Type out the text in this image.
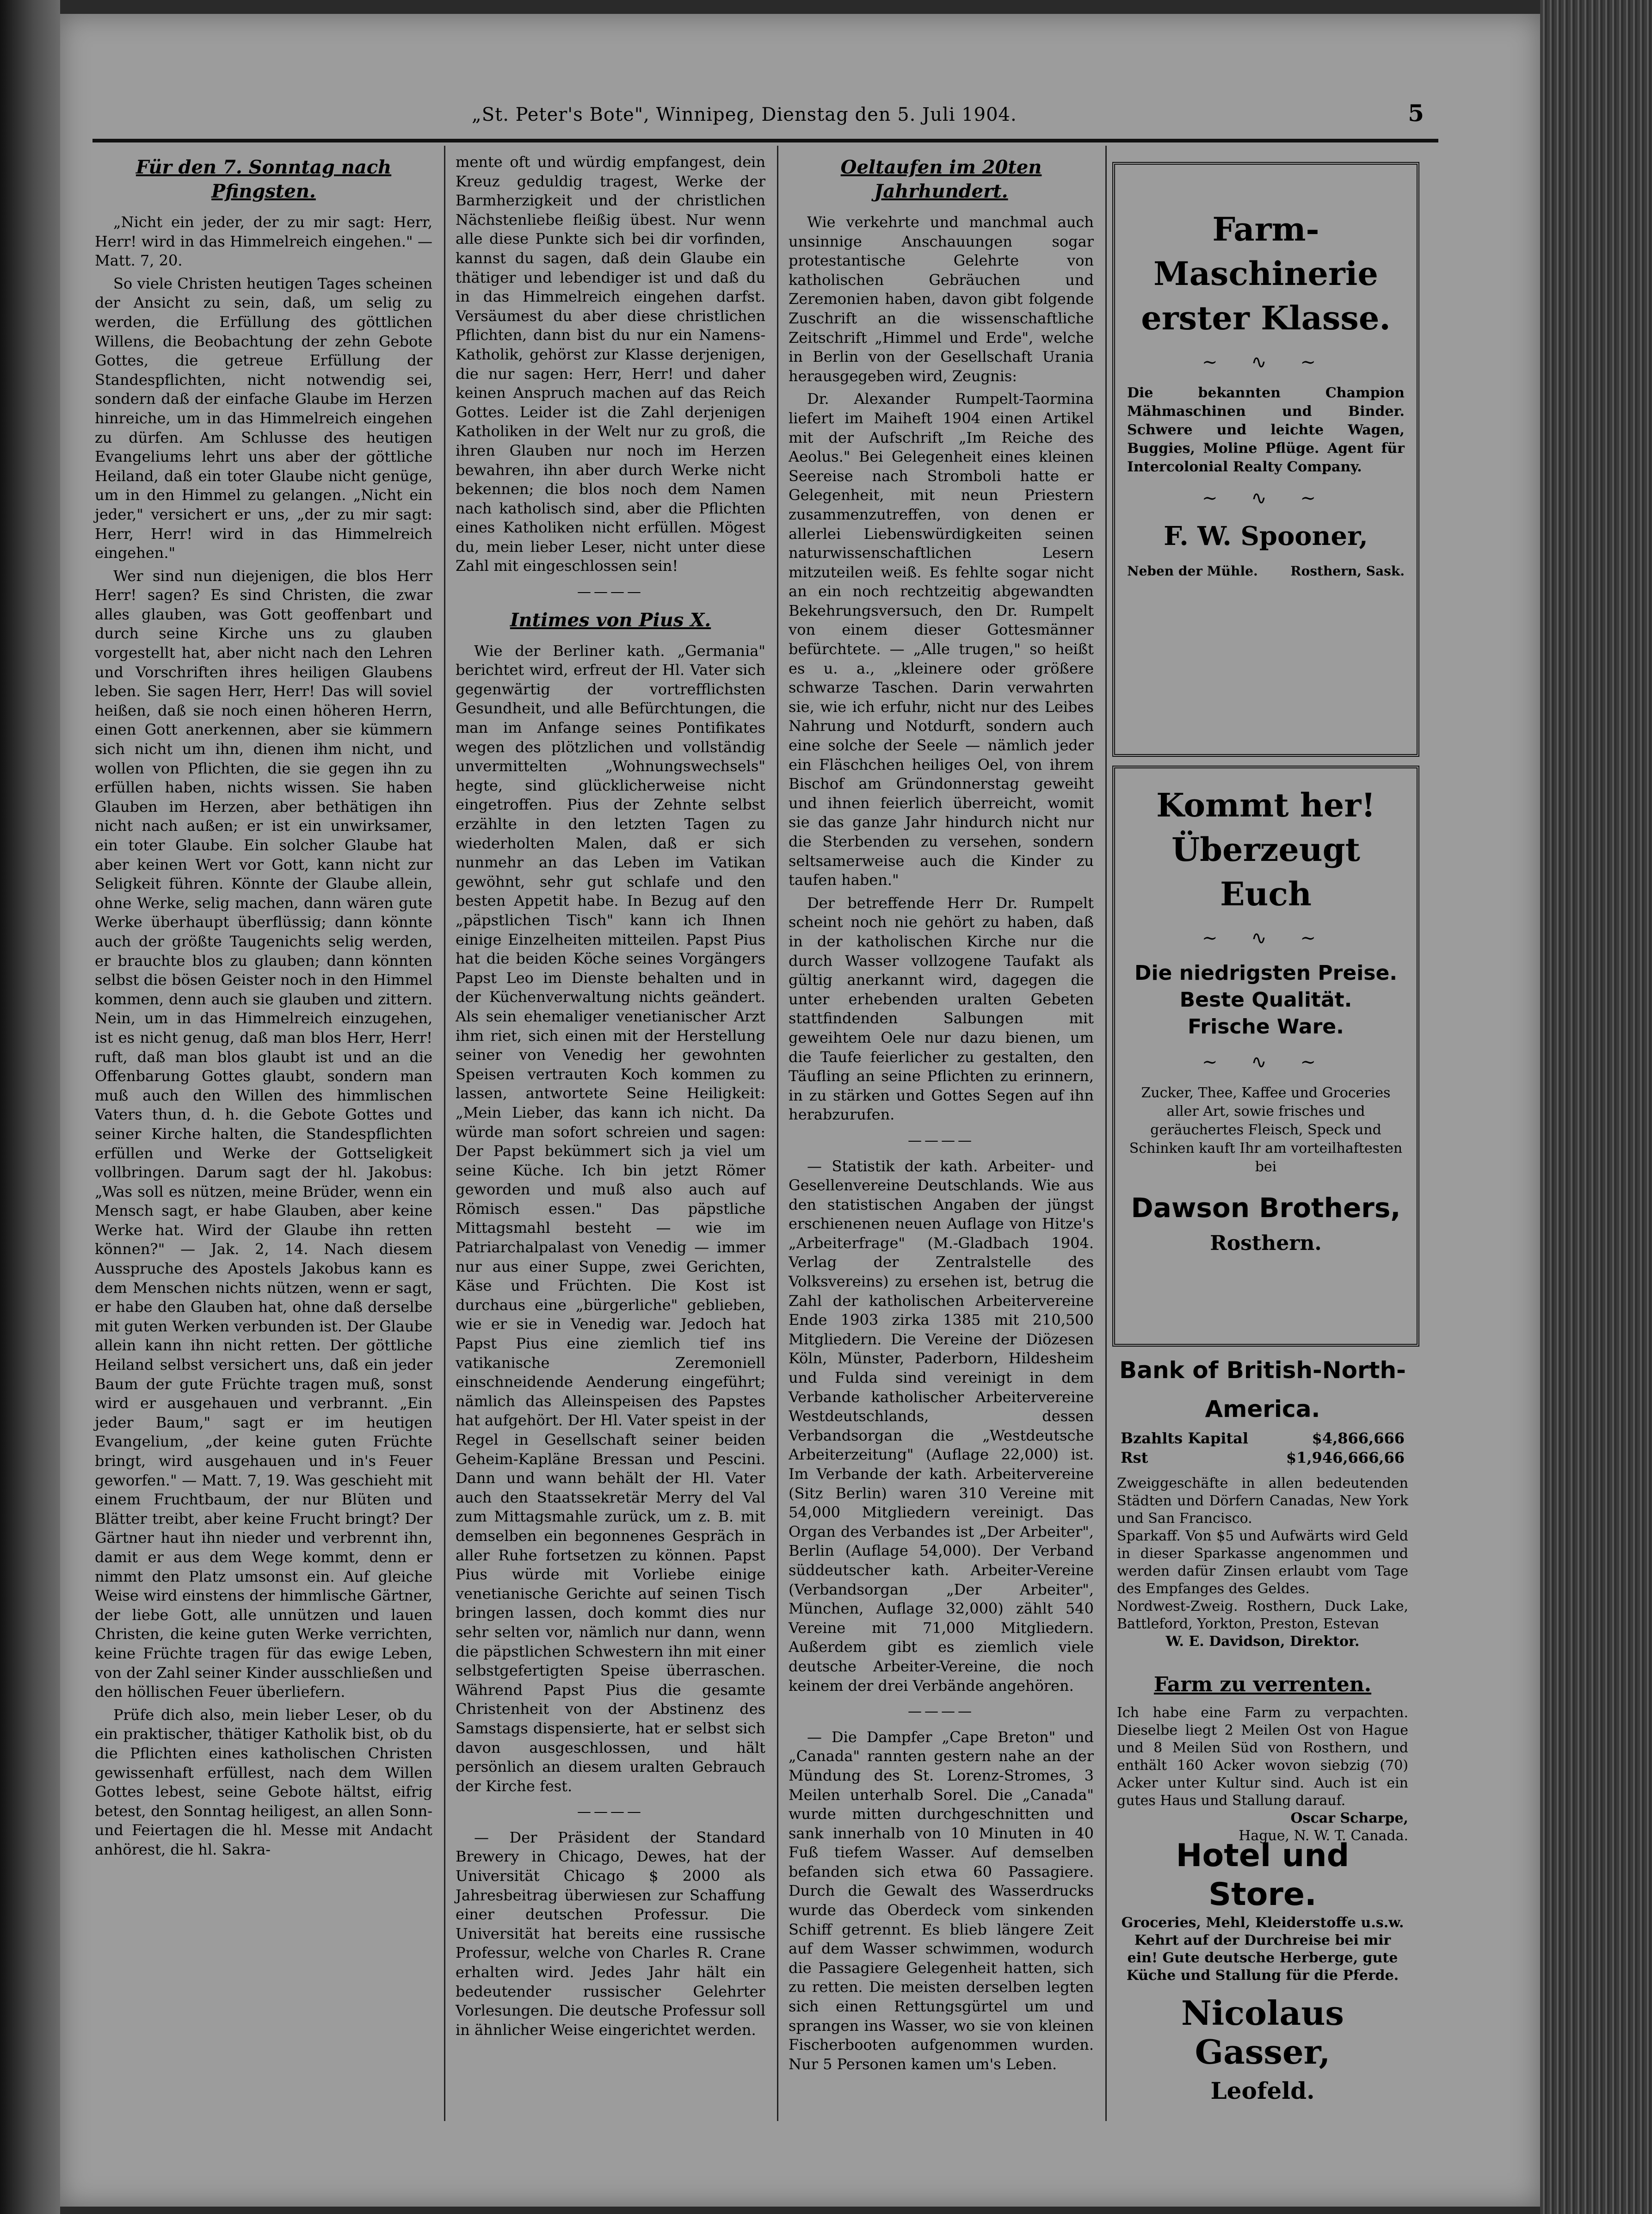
„St. Peter's Bote", Winnipeg, Dienstag den 5. Juli 1904.	5
Für den 7. Sonntag nach Pfingsten.

„Nicht ein jeder, der zu mir sagt: Herr, Herr! wird in das Himmelreich eingehen." — Matt. 7, 20.

So viele Christen heutigen Tages scheinen der Ansicht zu sein, daß, um selig zu werden, die Erfüllung des göttlichen Willens, die Beobachtung der zehn Gebote Gottes, die getreue Erfüllung der Standespflichten, nicht notwendig sei, sondern daß der einfache Glaube im Herzen hinreiche, um in das Himmelreich eingehen zu dürfen. Am Schlusse des heutigen Evangeliums lehrt uns aber der göttliche Heiland, daß ein toter Glaube nicht genüge, um in den Himmel zu gelangen. „Nicht ein jeder," versichert er uns, „der zu mir sagt: Herr, Herr! wird in das Himmelreich eingehen."

Wer sind nun diejenigen, die blos Herr Herr! sagen? Es sind Christen, die zwar alles glauben, was Gott geoffenbart und durch seine Kirche uns zu glauben vorgestellt hat, aber nicht nach den Lehren und Vorschriften ihres heiligen Glaubens leben. Sie sagen Herr, Herr! Das will soviel heißen, daß sie noch einen höheren Herrn, einen Gott anerkennen, aber sie kümmern sich nicht um ihn, dienen ihm nicht, und wollen von Pflichten, die sie gegen ihn zu erfüllen haben, nichts wissen. Sie haben Glauben im Herzen, aber bethätigen ihn nicht nach außen; er ist ein unwirksamer, ein toter Glaube. Ein solcher Glaube hat aber keinen Wert vor Gott, kann nicht zur Seligkeit führen. Könnte der Glaube allein, ohne Werke, selig machen, dann wären gute Werke überhaupt überflüssig; dann könnte auch der größte Taugenichts selig werden, er brauchte blos zu glauben; dann könnten selbst die bösen Geister noch in den Himmel kommen, denn auch sie glauben und zittern. Nein, um in das Himmelreich einzugehen, ist es nicht genug, daß man blos Herr, Herr! ruft, daß man blos glaubt ist und an die Offenbarung Gottes glaubt, sondern man muß auch den Willen des himmlischen Vaters thun, d. h. die Gebote Gottes und seiner Kirche halten, die Standespflichten erfüllen und Werke der Gottseligkeit vollbringen. Darum sagt der hl. Jakobus: „Was soll es nützen, meine Brüder, wenn ein Mensch sagt, er habe Glauben, aber keine Werke hat. Wird der Glaube ihn retten können?" — Jak. 2, 14. Nach diesem Ausspruche des Apostels Jakobus kann es dem Menschen nichts nützen, wenn er sagt, er habe den Glauben hat, ohne daß derselbe mit guten Werken verbunden ist. Der Glaube allein kann ihn nicht retten. Der göttliche Heiland selbst versichert uns, daß ein jeder Baum der gute Früchte tragen muß, sonst wird er ausgehauen und verbrannt. „Ein jeder Baum," sagt er im heutigen Evangelium, „der keine guten Früchte bringt, wird ausgehauen und in's Feuer geworfen." — Matt. 7, 19. Was geschieht mit einem Fruchtbaum, der nur Blüten und Blätter treibt, aber keine Frucht bringt? Der Gärtner haut ihn nieder und verbrennt ihn, damit er aus dem Wege kommt, denn er nimmt den Platz umsonst ein. Auf gleiche Weise wird einstens der himmlische Gärtner, der liebe Gott, alle unnützen und lauen Christen, die keine guten Werke verrichten, keine Früchte tragen für das ewige Leben, von der Zahl seiner Kinder ausschließen und den höllischen Feuer überliefern.

Prüfe dich also, mein lieber Leser, ob du ein praktischer, thätiger Katholik bist, ob du die Pflichten eines katholischen Christen gewissenhaft erfüllest, nach dem Willen Gottes lebest, seine Gebote hältst, eifrig betest, den Sonntag heiligest, an allen Sonn- und Feiertagen die hl. Messe mit Andacht anhörest, die hl. Sakra-

mente oft und würdig empfangest, dein Kreuz geduldig tragest, Werke der Barmherzigkeit und der christlichen Nächstenliebe fleißig übest. Nur wenn alle diese Punkte sich bei dir vorfinden, kannst du sagen, daß dein Glaube ein thätiger und lebendiger ist und daß du in das Himmelreich eingehen darfst. Versäumest du aber diese christlichen Pflichten, dann bist du nur ein Namens-Katholik, gehörst zur Klasse derjenigen, die nur sagen: Herr, Herr! und daher keinen Anspruch machen auf das Reich Gottes. Leider ist die Zahl derjenigen Katholiken in der Welt nur zu groß, die ihren Glauben nur noch im Herzen bewahren, ihn aber durch Werke nicht bekennen; die blos noch dem Namen nach katholisch sind, aber die Pflichten eines Katholiken nicht erfüllen. Mögest du, mein lieber Leser, nicht unter diese Zahl mit eingeschlossen sein!

————
Intimes von Pius X.

Wie der Berliner kath. „Germania" berichtet wird, erfreut der Hl. Vater sich gegenwärtig der vortrefflichsten Gesundheit, und alle Befürchtungen, die man im Anfange seines Pontifikates wegen des plötzlichen und vollständig unvermittelten „Wohnungswechsels" hegte, sind glücklicherweise nicht eingetroffen. Pius der Zehnte selbst erzählte in den letzten Tagen zu wiederholten Malen, daß er sich nunmehr an das Leben im Vatikan gewöhnt, sehr gut schlafe und den besten Appetit habe. In Bezug auf den „päpstlichen Tisch" kann ich Ihnen einige Einzelheiten mitteilen. Papst Pius hat die beiden Köche seines Vorgängers Papst Leo im Dienste behalten und in der Küchenverwaltung nichts geändert. Als sein ehemaliger venetianischer Arzt ihm riet, sich einen mit der Herstellung seiner von Venedig her gewohnten Speisen vertrauten Koch kommen zu lassen, antwortete Seine Heiligkeit: „Mein Lieber, das kann ich nicht. Da würde man sofort schreien und sagen: Der Papst bekümmert sich ja viel um seine Küche. Ich bin jetzt Römer geworden und muß also auch auf Römisch essen." Das päpstliche Mittagsmahl besteht — wie im Patriarchalpalast von Venedig — immer nur aus einer Suppe, zwei Gerichten, Käse und Früchten. Die Kost ist durchaus eine „bürgerliche" geblieben, wie er sie in Venedig war. Jedoch hat Papst Pius eine ziemlich tief ins vatikanische Zeremoniell einschneidende Aenderung eingeführt; nämlich das Alleinspeisen des Papstes hat aufgehört. Der Hl. Vater speist in der Regel in Gesellschaft seiner beiden Geheim-Kapläne Bressan und Pescini. Dann und wann behält der Hl. Vater auch den Staatssekretär Merry del Val zum Mittagsmahle zurück, um z. B. mit demselben ein begonnenes Gespräch in aller Ruhe fortsetzen zu können. Papst Pius würde mit Vorliebe einige venetianische Gerichte auf seinen Tisch bringen lassen, doch kommt dies nur sehr selten vor, nämlich nur dann, wenn die päpstlichen Schwestern ihn mit einer selbstgefertigten Speise überraschen. Während Papst Pius die gesamte Christenheit von der Abstinenz des Samstags dispensierte, hat er selbst sich davon ausgeschlossen, und hält persönlich an diesem uralten Gebrauch der Kirche fest.

————

— Der Präsident der Standard Brewery in Chicago, Dewes, hat der Universität Chicago $ 2000 als Jahresbeitrag überwiesen zur Schaffung einer deutschen Professur. Die Universität hat bereits eine russische Professur, welche von Charles R. Crane erhalten wird. Jedes Jahr hält ein bedeutender russischer Gelehrter Vorlesungen. Die deutsche Professur soll in ähnlicher Weise eingerichtet werden.

Oeltaufen im 20ten Jahrhundert.

Wie verkehrte und manchmal auch unsinnige Anschauungen sogar protestantische Gelehrte von katholischen Gebräuchen und Zeremonien haben, davon gibt folgende Zuschrift an die wissenschaftliche Zeitschrift „Himmel und Erde", welche in Berlin von der Gesellschaft Urania herausgegeben wird, Zeugnis:

Dr. Alexander Rumpelt-Taormina liefert im Maiheft 1904 einen Artikel mit der Aufschrift „Im Reiche des Aeolus." Bei Gelegenheit eines kleinen Seereise nach Stromboli hatte er Gelegenheit, mit neun Priestern zusammenzutreffen, von denen er allerlei Liebenswürdigkeiten seinen naturwissenschaftlichen Lesern mitzuteilen weiß. Es fehlte sogar nicht an ein noch rechtzeitig abgewandten Bekehrungsversuch, den Dr. Rumpelt von einem dieser Gottesmänner befürchtete. — „Alle trugen," so heißt es u. a., „kleinere oder größere schwarze Taschen. Darin verwahrten sie, wie ich erfuhr, nicht nur des Leibes Nahrung und Notdurft, sondern auch eine solche der Seele — nämlich jeder ein Fläschchen heiliges Oel, von ihrem Bischof am Gründonnerstag geweiht und ihnen feierlich überreicht, womit sie das ganze Jahr hindurch nicht nur die Sterbenden zu versehen, sondern seltsamerweise auch die Kinder zu taufen haben."

Der betreffende Herr Dr. Rumpelt scheint noch nie gehört zu haben, daß in der katholischen Kirche nur die durch Wasser vollzogene Taufakt als gültig anerkannt wird, dagegen die unter erhebenden uralten Gebeten stattfindenden Salbungen mit geweihtem Oele nur dazu bienen, um die Taufe feierlicher zu gestalten, den Täufling an seine Pflichten zu erinnern, in zu stärken und Gottes Segen auf ihn herabzurufen.

————

— Statistik der kath. Arbeiter- und Gesellenvereine Deutschlands. Wie aus den statistischen Angaben der jüngst erschienenen neuen Auflage von Hitze's „Arbeiterfrage" (M.-Gladbach 1904. Verlag der Zentralstelle des Volksvereins) zu ersehen ist, betrug die Zahl der katholischen Arbeitervereine Ende 1903 zirka 1385 mit 210,500 Mitgliedern. Die Vereine der Diözesen Köln, Münster, Paderborn, Hildesheim und Fulda sind vereinigt in dem Verbande katholischer Arbeitervereine Westdeutschlands, dessen Verbandsorgan die „Westdeutsche Arbeiterzeitung" (Auflage 22,000) ist. Im Verbande der kath. Arbeitervereine (Sitz Berlin) waren 310 Vereine mit 54,000 Mitgliedern vereinigt. Das Organ des Verbandes ist „Der Arbeiter", Berlin (Auflage 54,000). Der Verband süddeutscher kath. Arbeiter-Vereine (Verbandsorgan „Der Arbeiter", München, Auflage 32,000) zählt 540 Vereine mit 71,000 Mitgliedern. Außerdem gibt es ziemlich viele deutsche Arbeiter-Vereine, die noch keinem der drei Verbände angehören.

————

— Die Dampfer „Cape Breton" und „Canada" rannten gestern nahe an der Mündung des St. Lorenz-Stromes, 3 Meilen unterhalb Sorel. Die „Canada" wurde mitten durchgeschnitten und sank innerhalb von 10 Minuten in 40 Fuß tiefem Wasser. Auf demselben befanden sich etwa 60 Passagiere. Durch die Gewalt des Wasserdrucks wurde das Oberdeck vom sinkenden Schiff getrennt. Es blieb längere Zeit auf dem Wasser schwimmen, wodurch die Passagiere Gelegenheit hatten, sich zu retten. Die meisten derselben legten sich einen Rettungsgürtel um und sprangen ins Wasser, wo sie von kleinen Fischerbooten aufgenommen wurden. Nur 5 Personen kamen um's Leben.

Farm-
Maschinerie
erster Klasse.
∼ ∿ ∼
Die bekannten Champion Mähmaschinen und Binder. Schwere und leichte Wagen, Buggies, Moline Pflüge. Agent für Intercolonial Realty Company.
∼ ∿ ∼
F. W. Spooner,
Neben der Mühle.	Rosthern, Sask.
Kommt her!
Überzeugt Euch
∼ ∿ ∼
Die niedrigsten Preise.
Beste Qualität.
Frische Ware.
∼ ∿ ∼
Zucker, Thee, Kaffee und Groceries aller Art, sowie frisches und geräuchertes Fleisch, Speck und Schinken kauft Ihr am vorteilhaftesten bei
Dawson Brothers,
Rosthern.
Bank of British-North-America.
Bzahlts Kapital	$4,866,666
Rst	$1,946,666,66
Zweiggeschäfte in allen bedeutenden Städten und Dörfern Canadas, New York und San Francisco.
Sparkaff. Von $5 und Aufwärts wird Geld in dieser Sparkasse angenommen und werden dafür Zinsen erlaubt vom Tage des Empfanges des Geldes.
Nordwest-Zweig. Rosthern, Duck Lake, Battleford, Yorkton, Preston, Estevan
W. E. Davidson, Direktor.
Farm zu verrenten.
Ich habe eine Farm zu verpachten. Dieselbe liegt 2 Meilen Ost von Hague und 8 Meilen Süd von Rosthern, und enthält 160 Acker wovon siebzig (70) Acker unter Kultur sind. Auch ist ein gutes Haus und Stallung darauf.
Oscar Scharpe,
Hague, N. W. T. Canada.
Hotel und Store.
Groceries, Mehl, Kleiderstoffe u.s.w. Kehrt auf der Durchreise bei mir ein! Gute deutsche Herberge, gute Küche und Stallung für die Pferde.
Nicolaus Gasser,
Leofeld.
